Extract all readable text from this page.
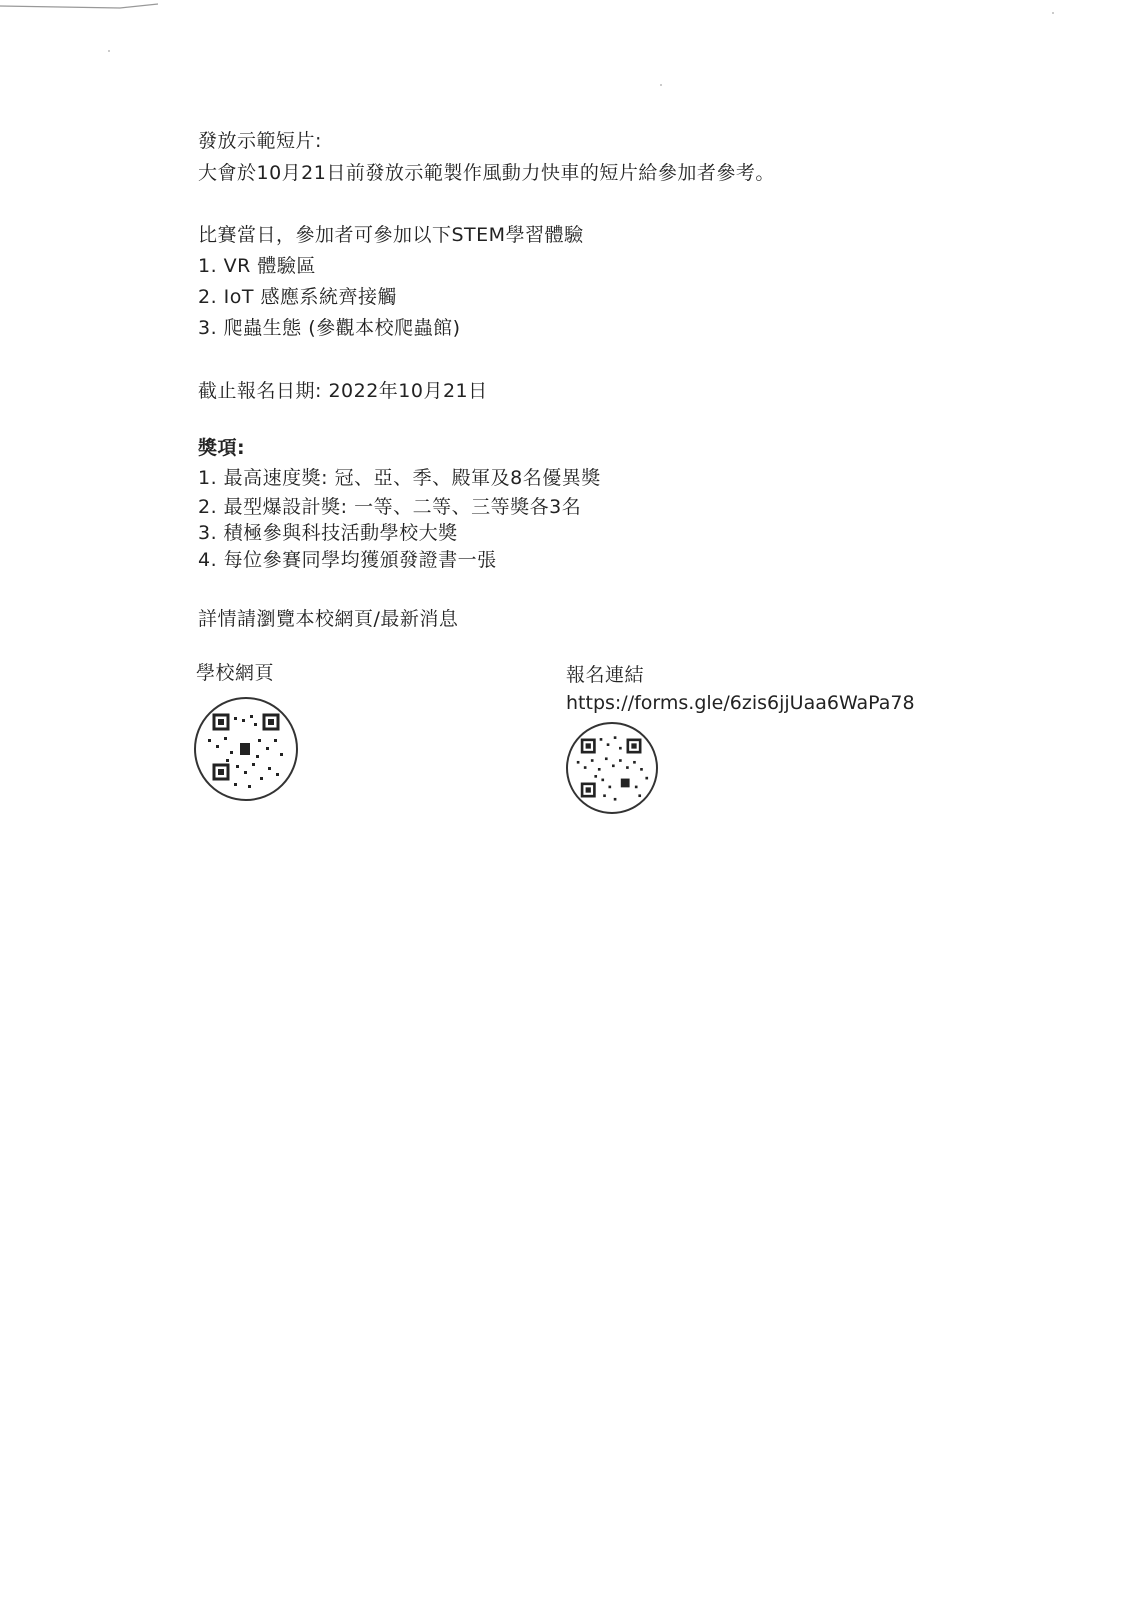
發放示範短片:
大會於10月21日前發放示範製作風動力快車的短片給參加者參考。
比賽當日，參加者可參加以下STEM學習體驗
1. VR 體驗區
2. IoT 感應系統齊接觸
3. 爬蟲生態 (參觀本校爬蟲館)
截止報名日期: 2022年10月21日
獎項:
1. 最高速度獎: 冠、亞、季、殿軍及8名優異獎
2. 最型爆設計獎: 一等、二等、三等獎各3名
3. 積極參與科技活動學校大獎
4. 每位參賽同學均獲頒發證書一張
詳情請瀏覽本校網頁/最新消息
學校網頁	報名連結
https://forms.gle/6zis6jjUaa6WaPa78
